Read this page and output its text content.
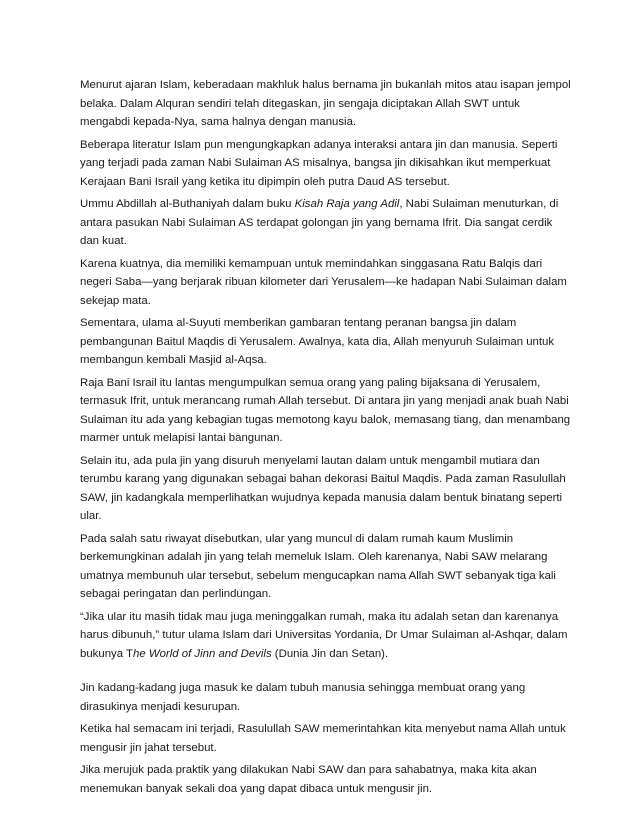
Menurut ajaran Islam, keberadaan makhluk halus bernama jin bukanlah mitos atau isapan jempol belaka. Dalam Alquran sendiri telah ditegaskan, jin sengaja diciptakan Allah SWT untuk mengabdi kepada-Nya, sama halnya dengan manusia.

Beberapa literatur Islam pun mengungkapkan adanya interaksi antara jin dan manusia. Seperti yang terjadi pada zaman Nabi Sulaiman AS misalnya, bangsa jin dikisahkan ikut memperkuat Kerajaan Bani Israil yang ketika itu dipimpin oleh putra Daud AS tersebut.

Ummu Abdillah al-Buthaniyah dalam buku Kisah Raja yang Adil, Nabi Sulaiman menuturkan, di antara pasukan Nabi Sulaiman AS terdapat golongan jin yang bernama Ifrit. Dia sangat cerdik dan kuat.

Karena kuatnya, dia memiliki kemampuan untuk memindahkan singgasana Ratu Balqis dari negeri Saba—yang berjarak ribuan kilometer dari Yerusalem—ke hadapan Nabi Sulaiman dalam sekejap mata.

Sementara, ulama al-Suyuti memberikan gambaran tentang peranan bangsa jin dalam pembangunan Baitul Maqdis di Yerusalem. Awalnya, kata dia, Allah menyuruh Sulaiman untuk membangun kembali Masjid al-Aqsa.

Raja Bani Israil itu lantas mengumpulkan semua orang yang paling bijaksana di Yerusalem, termasuk Ifrit, untuk merancang rumah Allah tersebut. Di antara jin yang menjadi anak buah Nabi Sulaiman itu ada yang kebagian tugas memotong kayu balok, memasang tiang, dan menambang marmer untuk melapisi lantai bangunan.

Selain itu, ada pula jin yang disuruh menyelami lautan dalam untuk mengambil mutiara dan terumbu karang yang digunakan sebagai bahan dekorasi Baitul Maqdis. Pada zaman Rasulullah SAW, jin kadangkala memperlihatkan wujudnya kepada manusia dalam bentuk binatang seperti ular.

Pada salah satu riwayat disebutkan, ular yang muncul di dalam rumah kaum Muslimin berkemungkinan adalah jin yang telah memeluk Islam. Oleh karenanya, Nabi SAW melarang umatnya membunuh ular tersebut, sebelum mengucapkan nama Allah SWT sebanyak tiga kali sebagai peringatan dan perlindungan.

“Jika ular itu masih tidak mau juga meninggalkan rumah, maka itu adalah setan dan karenanya harus dibunuh,” tutur ulama Islam dari Universitas Yordania, Dr Umar Sulaiman al-Ashqar, dalam bukunya The World of Jinn and Devils (Dunia Jin dan Setan).

Jin kadang-kadang juga masuk ke dalam tubuh manusia sehingga membuat orang yang dirasukinya menjadi kesurupan.

Ketika hal semacam ini terjadi, Rasulullah SAW memerintahkan kita menyebut nama Allah untuk mengusir jin jahat tersebut.

Jika merujuk pada praktik yang dilakukan Nabi SAW dan para sahabatnya, maka kita akan menemukan banyak sekali doa yang dapat dibaca untuk mengusir jin.
